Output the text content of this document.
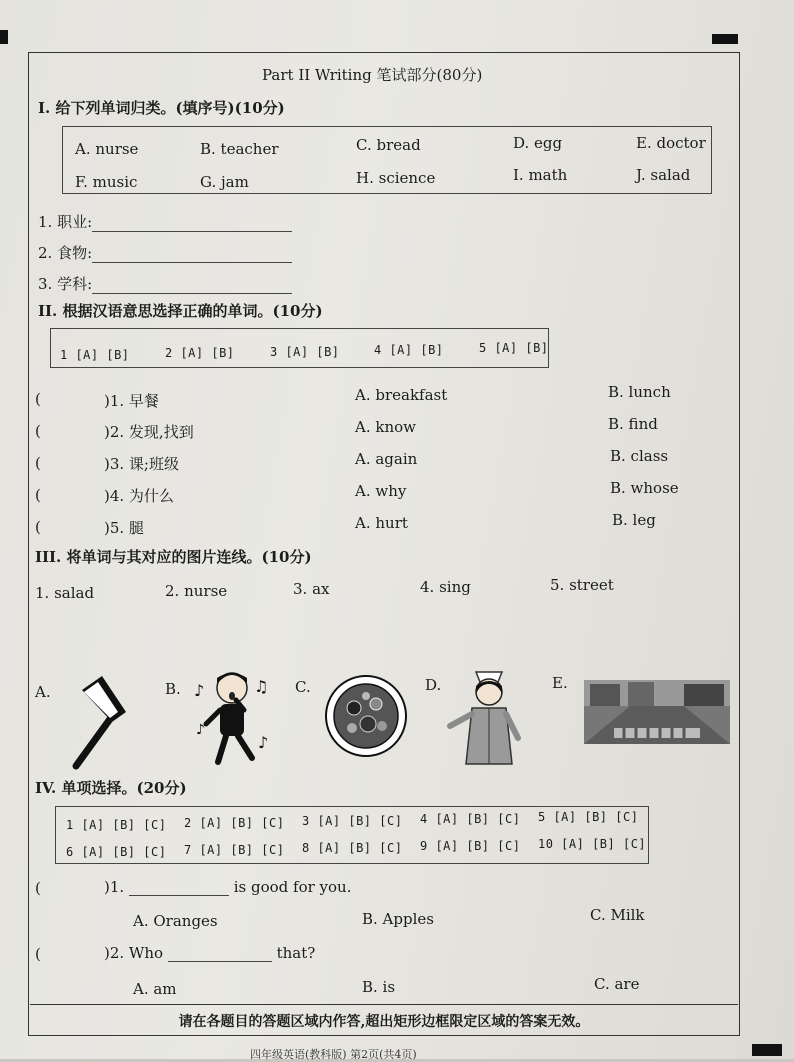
Part II Writing 笔试部分(80分)
I. 给下列单词归类。(填序号)(10分)
A. nurse	B. teacher	C. bread	D. egg	E. doctor
F. music	G. jam	H. science	I. math	J. salad
1. 职业:
2. 食物:
3. 学科:
II. 根据汉语意思选择正确的单词。(10分)
1 [A] [B]	2 [A] [B]	3 [A] [B]	4 [A] [B]	5 [A] [B]
(	)1. 早餐	A. breakfast	B. lunch
(	)2. 发现,找到	A. know	B. find
(	)3. 课;班级	A. again	B. class
(	)4. 为什么	A. why	B. whose
(	)5. 腿	A. hurt	B. leg
III. 将单词与其对应的图片连线。(10分)
1. salad	2. nurse	3. ax	4. sing	5. street
A.	B.	C.	D.	E.
♪	♫
♪
♪
IV. 单项选择。(20分)
1 [A] [B] [C] 2 [A] [B] [C] 3 [A] [B] [C] 4 [A] [B] [C] 5 [A] [B] [C]
6 [A] [B] [C] 7 [A] [B] [C] 8 [A] [B] [C] 9 [A] [B] [C] 10 [A] [B] [C]
(	)1.	is good for you.
A. Oranges	B. Apples	C. Milk
(	)2. Who	that?
A. am	B. is	C. are
请在各题目的答题区域内作答,超出矩形边框限定区域的答案无效。
四年级英语(教科版) 第2页(共4页)
